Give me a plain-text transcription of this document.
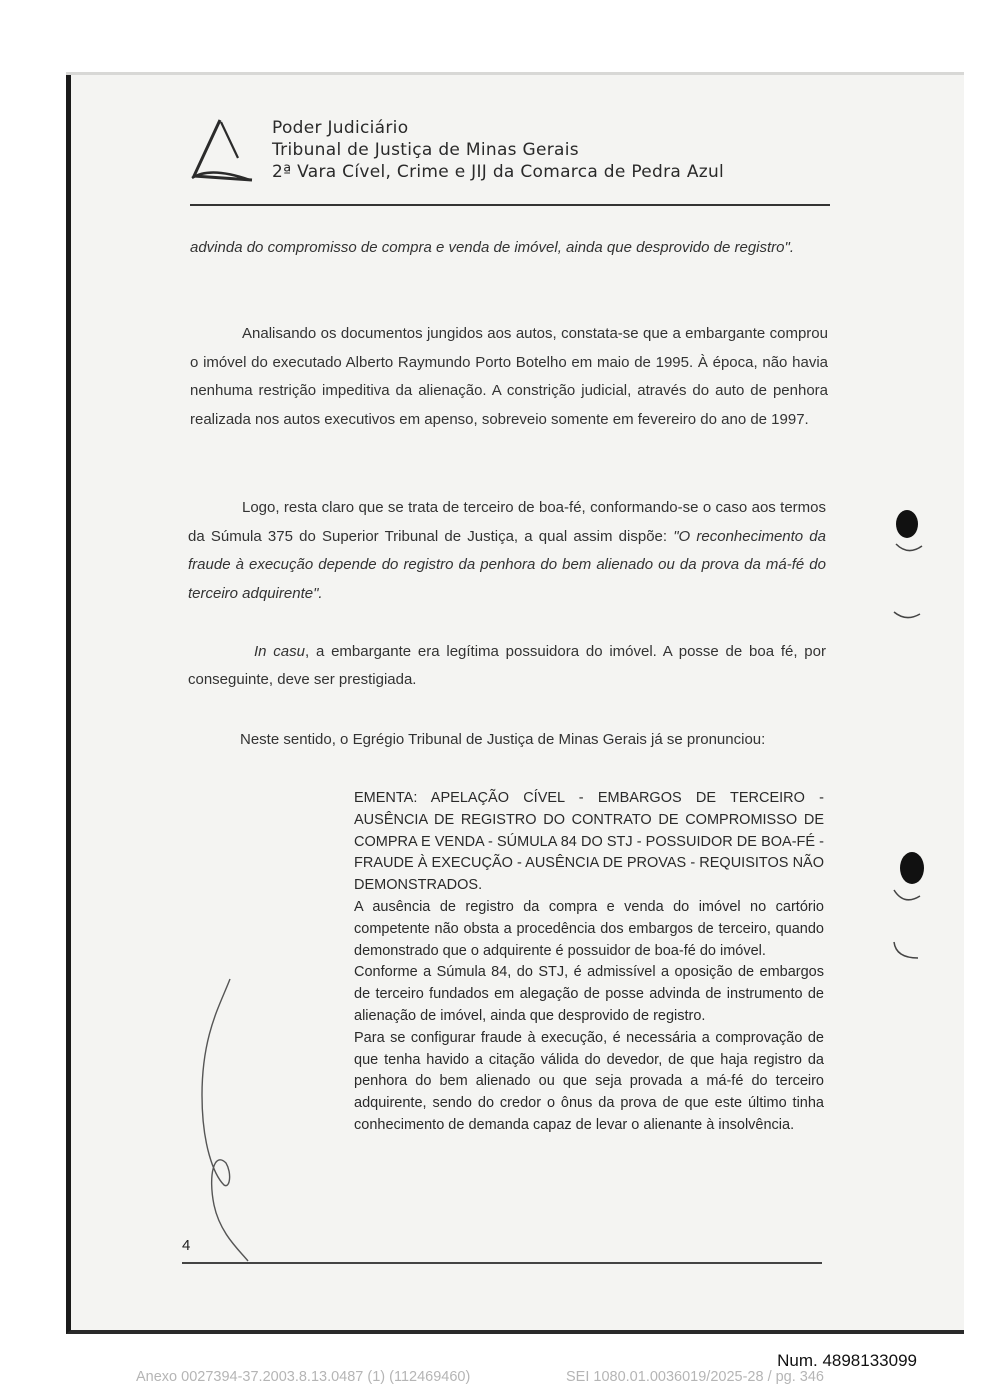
Poder Judiciário
Tribunal de Justiça de Minas Gerais
2ª Vara Cível, Crime e JIJ da Comarca de Pedra Azul

advinda do compromisso de compra e venda de imóvel, ainda que desprovido de registro".

Analisando os documentos jungidos aos autos, constata-se que a embargante comprou o imóvel do executado Alberto Raymundo Porto Botelho em maio de 1995. À época, não havia nenhuma restrição impeditiva da alienação. A constrição judicial, através do auto de penhora realizada nos autos executivos em apenso, sobreveio somente em fevereiro do ano de 1997.

Logo, resta claro que se trata de terceiro de boa-fé, conformando-se o caso aos termos da Súmula 375 do Superior Tribunal de Justiça, a qual assim dispõe: "O reconhecimento da fraude à execução depende do registro da penhora do bem alienado ou da prova da má-fé do terceiro adquirente".

In casu, a embargante era legítima possuidora do imóvel. A posse de boa fé, por conseguinte, deve ser prestigiada.

Neste sentido, o Egrégio Tribunal de Justiça de Minas Gerais já se pronunciou:

EMENTA: APELAÇÃO CÍVEL - EMBARGOS DE TERCEIRO - AUSÊNCIA DE REGISTRO DO CONTRATO DE COMPROMISSO DE COMPRA E VENDA - SÚMULA 84 DO STJ - POSSUIDOR DE BOA-FÉ - FRAUDE À EXECUÇÃO - AUSÊNCIA DE PROVAS - REQUISITOS NÃO DEMONSTRADOS.

A ausência de registro da compra e venda do imóvel no cartório competente não obsta a procedência dos embargos de terceiro, quando demonstrado que o adquirente é possuidor de boa-fé do imóvel.

Conforme a Súmula 84, do STJ, é admissível a oposição de embargos de terceiro fundados em alegação de posse advinda de instrumento de alienação de imóvel, ainda que desprovido de registro.

Para se configurar fraude à execução, é necessária a comprovação de que tenha havido a citação válida do devedor, de que haja registro da penhora do bem alienado ou que seja provada a má-fé do terceiro adquirente, sendo do credor o ônus da prova de que este último tinha conhecimento de demanda capaz de levar o alienante à insolvência.

4
Num. 4898133099
Anexo 0027394-37.2003.8.13.0487 (1) (112469460)	SEI 1080.01.0036019/2025-28 / pg. 346
